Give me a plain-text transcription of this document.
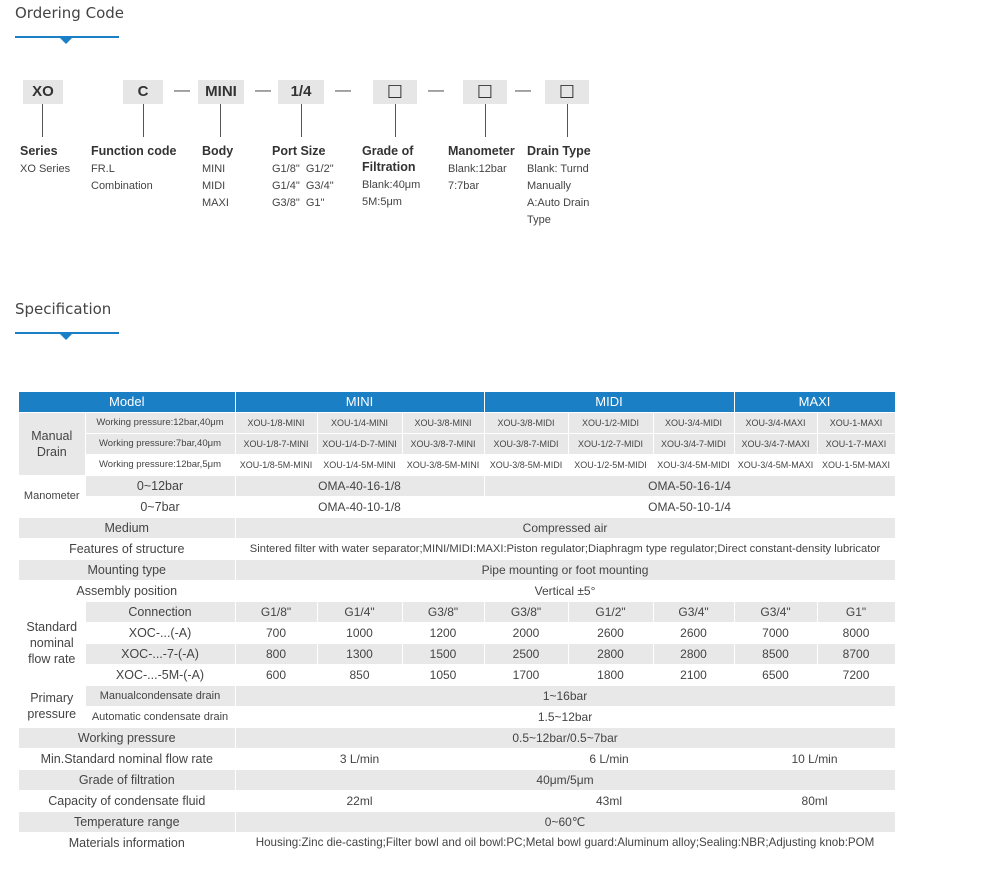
Ordering Code
XO	C	—	MINI	—	1/4	—	☐	—	☐	—	☐
Series
XO Series
Function code
FR.L
Combination
Body
MINI
MIDI
MAXI
Port Size
G1/8"  G1/2"
G1/4"  G3/4"
G3/8"  G1"
Grade of
Filtration
Blank:40μm
5M:5μm
Manometer
Blank:12bar
7:7bar
Drain Type
Blank: Turnd
Manually
A:Auto Drain
Type
Specification
Model		MINI			MIDI			MAXI	
Manual Drain	Working pressure:12bar,40μm	XOU-1/8-MINI	XOU-1/4-MINI	XOU-3/8-MINI	XOU-3/8-MIDI	XOU-1/2-MIDI	XOU-3/4-MIDI	XOU-3/4-MAXI	XOU-1-MAXI
	Working pressure:7bar,40μm	XOU-1/8-7-MINI	XOU-1/4-D-7-MINI	XOU-3/8-7-MINI	XOU-3/8-7-MIDI	XOU-1/2-7-MIDI	XOU-3/4-7-MIDI	XOU-3/4-7-MAXI	XOU-1-7-MAXI
	Working pressure:12bar,5μm	XOU-1/8-5M-MINI	XOU-1/4-5M-MINI	XOU-3/8-5M-MINI	XOU-3/8-5M-MIDI	XOU-1/2-5M-MIDI	XOU-3/4-5M-MIDI	XOU-3/4-5M-MAXI	XOU-1-5M-MAXI
Manometer	0~12bar	OMA-40-16-1/8			OMA-50-16-1/4				
	0~7bar	OMA-40-10-1/8			OMA-50-10-1/4				
Medium		Compressed air							
Features of structure		Sintered filter with water separator;MINI/MIDI:MAXI:Piston regulator;Diaphragm type regulator;Direct constant-density lubricator							
Mounting type		Pipe mounting or foot mounting							
Assembly position		Vertical ±5°							
Standard nominal flow rate	Connection	G1/8"	G1/4"	G3/8"	G3/8"	G1/2"	G3/4"	G3/4"	G1"
	XOC-...(-A)	700	1000	1200	2000	2600	2600	7000	8000
	XOC-...-7-(-A)	800	1300	1500	2500	2800	2800	8500	8700
	XOC-...-5M-(-A)	600	850	1050	1700	1800	2100	6500	7200
Primary pressure	Manualcondensate drain	1~16bar							
	Automatic condensate drain	1.5~12bar							
Working pressure		0.5~12bar/0.5~7bar							
Min.Standard nominal flow rate		3 L/min			6 L/min			10 L/min	
Grade of filtration		40μm/5μm							
Capacity of condensate fluid		22ml			43ml			80ml	
Temperature range		0~60℃							
Materials information		Housing:Zinc die-casting;Filter bowl and oil bowl:PC;Metal bowl guard:Aluminum alloy;Sealing:NBR;Adjusting knob:POM							
